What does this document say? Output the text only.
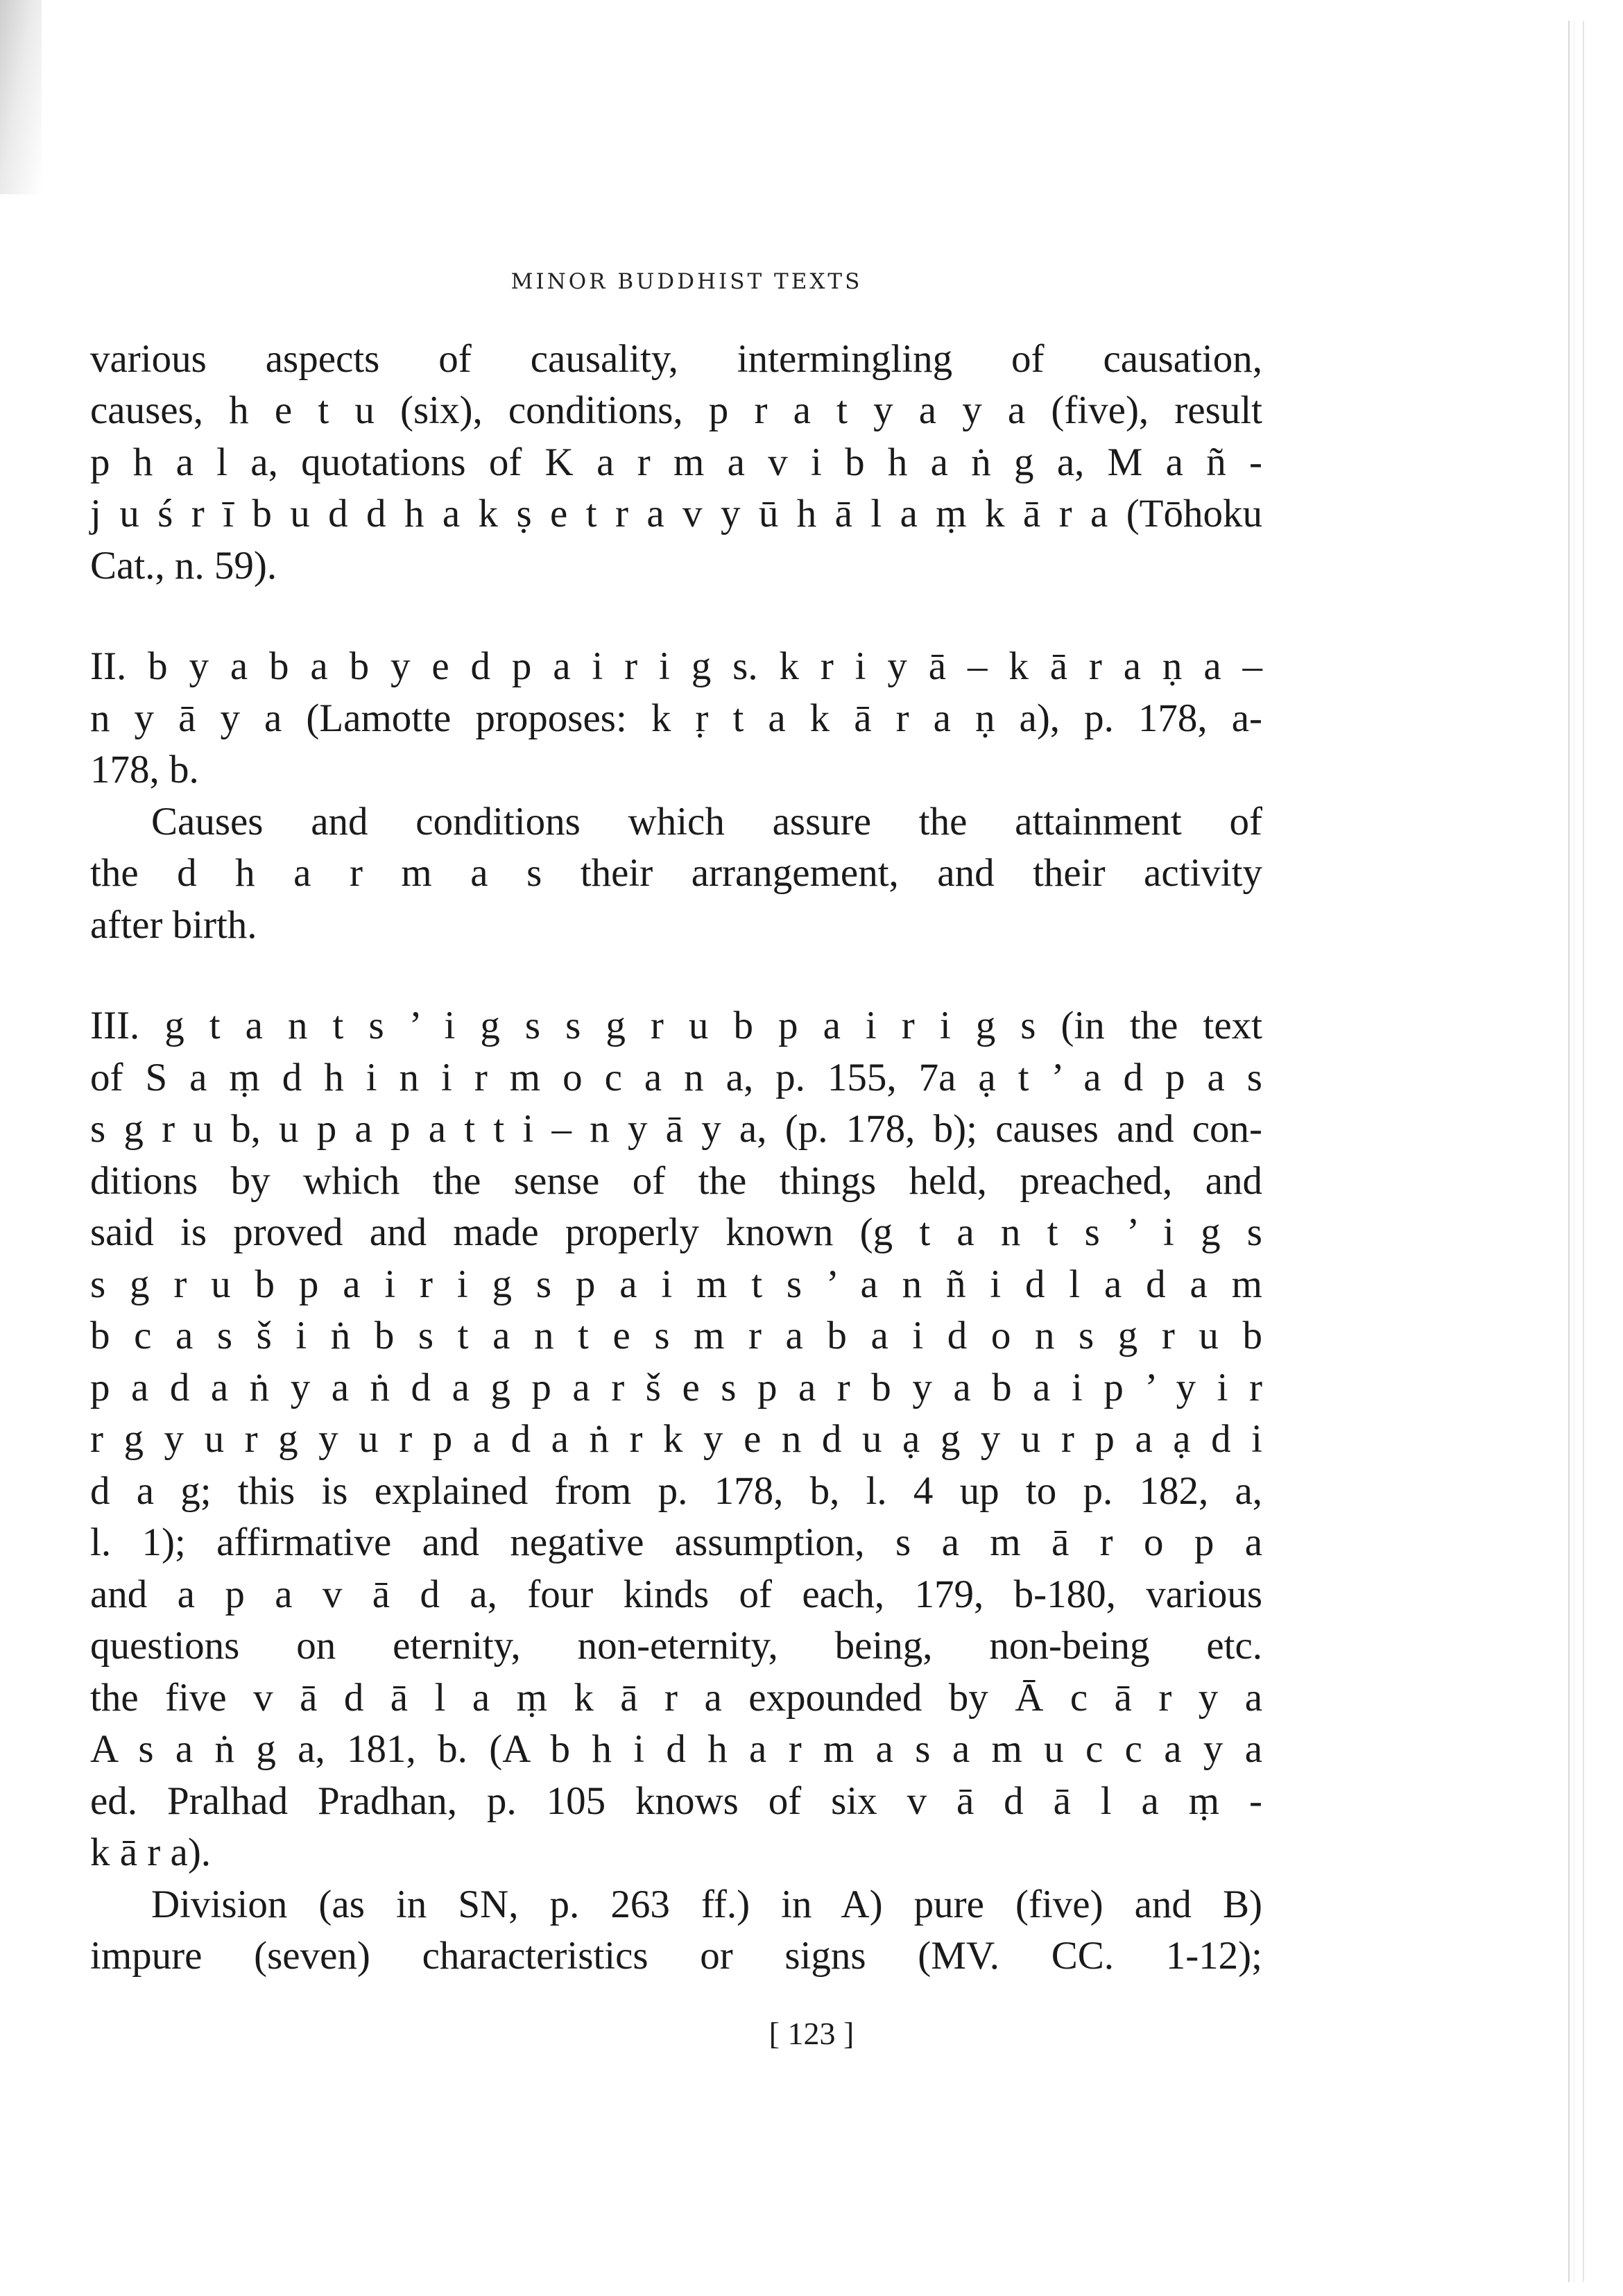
MINOR BUDDHIST TEXTS
various aspects of causality, intermingling of causation,
causes, h e t u (six), conditions, p r a t y a y a (five), result
p h a l a, quotations of K a r m a v i b h a ṅ g a, M a ñ -
j u ś r ī b u d d h a k ṣ e t r a v y ū h ā l a ṃ k ā r a (Tōhoku
Cat., n. 59).
II. b y a b a b y e d p a i r i g s. k r i y ā – k ā r a ṇ a –
n y ā y a (Lamotte proposes: k ṛ t a k ā r a ṇ a), p. 178, a-
178, b.
Causes and conditions which assure the attainment of
the d h a r m a s their arrangement, and their activity
after birth.
III. g t a n t s ’ i g s s g r u b p a i r i g s (in the text
of S a ṃ d h i n i r m o c a n a, p. 155, 7a ạ t ’ a d p a s
s g r u b, u p a p a t t i – n y ā y a, (p. 178, b); causes and con-
ditions by which the sense of the things held, preached, and
said is proved and made properly known (g t a n t s ’ i g s
s g r u b p a i r i g s p a i m t s ’ a n ñ i d l a d a m
b c a s š i ṅ b s t a n t e s m r a b a i d o n s g r u b
p a d a ṅ y a ṅ d a g p a r š e s p a r b y a b a i p ’ y i r
r g y u r g y u r p a d a ṅ r k y e n d u ạ g y u r p a ạ d i
d a g; this is explained from p. 178, b, l. 4 up to p. 182, a,
l. 1); affirmative and negative assumption, s a m ā r o p a
and a p a v ā d a, four kinds of each, 179, b-180, various
questions on eternity, non-eternity, being, non-being etc.
the five v ā d ā l a ṃ k ā r a expounded by Ā c ā r y a
A s a ṅ g a, 181, b. (A b h i d h a r m a s a m u c c a y a
ed. Pralhad Pradhan, p. 105 knows of six v ā d ā l a ṃ -
k ā r a).
Division (as in SN, p. 263 ff.) in A) pure (five) and B)
impure (seven) characteristics or signs (MV. CC. 1-12);
[ 123 ]
